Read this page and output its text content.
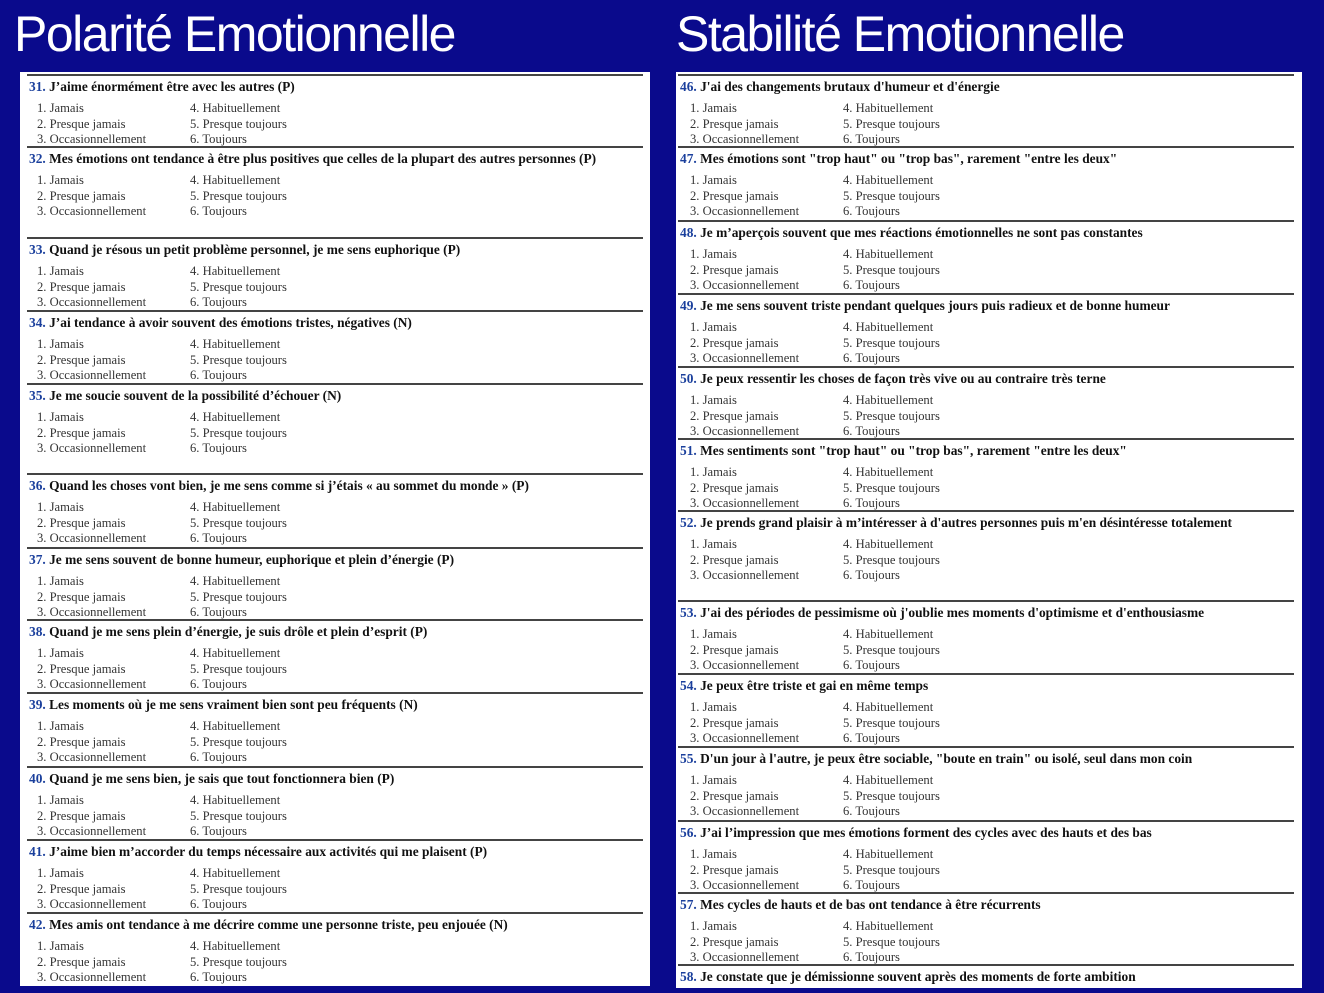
Polarité Emotionnelle	Stabilité Emotionnelle
31. J’aime énormément être avec les autres (P)
1. Jamais
2. Presque jamais
3. Occasionnellement
4. Habituellement
5. Presque toujours
6. Toujours
32. Mes émotions ont tendance à être plus positives que celles de la plupart des autres personnes (P)
1. Jamais
2. Presque jamais
3. Occasionnellement
4. Habituellement
5. Presque toujours
6. Toujours
33. Quand je résous un petit problème personnel, je me sens euphorique (P)
1. Jamais
2. Presque jamais
3. Occasionnellement
4. Habituellement
5. Presque toujours
6. Toujours
34. J’ai tendance à avoir souvent des émotions tristes, négatives (N)
1. Jamais
2. Presque jamais
3. Occasionnellement
4. Habituellement
5. Presque toujours
6. Toujours
35. Je me soucie souvent de la possibilité d’échouer (N)
1. Jamais
2. Presque jamais
3. Occasionnellement
4. Habituellement
5. Presque toujours
6. Toujours
36. Quand les choses vont bien, je me sens comme si j’étais « au sommet du monde » (P)
1. Jamais
2. Presque jamais
3. Occasionnellement
4. Habituellement
5. Presque toujours
6. Toujours
37. Je me sens souvent de bonne humeur, euphorique et plein d’énergie (P)
1. Jamais
2. Presque jamais
3. Occasionnellement
4. Habituellement
5. Presque toujours
6. Toujours
38. Quand je me sens plein d’énergie, je suis drôle et plein d’esprit (P)
1. Jamais
2. Presque jamais
3. Occasionnellement
4. Habituellement
5. Presque toujours
6. Toujours
39. Les moments où je me sens vraiment bien sont peu fréquents (N)
1. Jamais
2. Presque jamais
3. Occasionnellement
4. Habituellement
5. Presque toujours
6. Toujours
40. Quand je me sens bien, je sais que tout fonctionnera bien (P)
1. Jamais
2. Presque jamais
3. Occasionnellement
4. Habituellement
5. Presque toujours
6. Toujours
41. J’aime bien m’accorder du temps nécessaire aux activités qui me plaisent (P)
1. Jamais
2. Presque jamais
3. Occasionnellement
4. Habituellement
5. Presque toujours
6. Toujours
42. Mes amis ont tendance à me décrire comme une personne triste, peu enjouée (N)
1. Jamais
2. Presque jamais
3. Occasionnellement
4. Habituellement
5. Presque toujours
6. Toujours
46. J'ai des changements brutaux d'humeur et d'énergie
1. Jamais
2. Presque jamais
3. Occasionnellement
4. Habituellement
5. Presque toujours
6. Toujours
47. Mes émotions sont "trop haut" ou "trop bas", rarement "entre les deux"
1. Jamais
2. Presque jamais
3. Occasionnellement
4. Habituellement
5. Presque toujours
6. Toujours
48. Je m’aperçois souvent que mes réactions émotionnelles ne sont pas constantes
1. Jamais
2. Presque jamais
3. Occasionnellement
4. Habituellement
5. Presque toujours
6. Toujours
49. Je me sens souvent triste pendant quelques jours puis radieux et de bonne humeur
1. Jamais
2. Presque jamais
3. Occasionnellement
4. Habituellement
5. Presque toujours
6. Toujours
50. Je peux ressentir les choses de façon très vive ou au contraire très terne
1. Jamais
2. Presque jamais
3. Occasionnellement
4. Habituellement
5. Presque toujours
6. Toujours
51. Mes sentiments sont "trop haut" ou "trop bas", rarement "entre les deux"
1. Jamais
2. Presque jamais
3. Occasionnellement
4. Habituellement
5. Presque toujours
6. Toujours
52. Je prends grand plaisir à m’intéresser à d'autres personnes puis m'en désintéresse totalement
1. Jamais
2. Presque jamais
3. Occasionnellement
4. Habituellement
5. Presque toujours
6. Toujours
53. J'ai des périodes de pessimisme où j'oublie mes moments d'optimisme et d'enthousiasme
1. Jamais
2. Presque jamais
3. Occasionnellement
4. Habituellement
5. Presque toujours
6. Toujours
54. Je peux être triste et gai en même temps
1. Jamais
2. Presque jamais
3. Occasionnellement
4. Habituellement
5. Presque toujours
6. Toujours
55. D'un jour à l'autre, je peux être sociable, "boute en train" ou isolé, seul dans mon coin
1. Jamais
2. Presque jamais
3. Occasionnellement
4. Habituellement
5. Presque toujours
6. Toujours
56. J’ai l’impression que mes émotions forment des cycles avec des hauts et des bas
1. Jamais
2. Presque jamais
3. Occasionnellement
4. Habituellement
5. Presque toujours
6. Toujours
57. Mes cycles de hauts et de bas ont tendance à être récurrents
1. Jamais
2. Presque jamais
3. Occasionnellement
4. Habituellement
5. Presque toujours
6. Toujours
58. Je constate que je démissionne souvent après des moments de forte ambition
